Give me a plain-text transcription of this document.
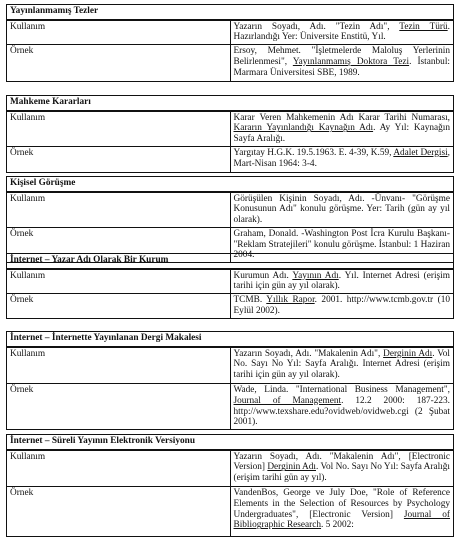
Yayınlanmamış Tezler	
Kullanım	Yazarın Soyadı, Adı. "Tezin Adı", Tezin Türü. Hazırlandığı Yer: Üniversite Enstitü, Yıl.
Örnek	Ersoy, Mehmet. "İşletmelerde Maloluş Yerlerinin Belirlenmesi", Yayınlanmamış Doktora Tezi. İstanbul: Marmara Üniversitesi SBE, 1989.
Mahkeme Kararları	
Kullanım	Karar Veren Mahkemenin Adı Karar Tarihi Numarası, Kararın Yayınlandığı Kaynağın Adı. Ay Yıl: Kaynağın Sayfa Aralığı.
Örnek	Yargıtay H.G.K. 19.5.1963. E. 4-39, K.59, Adalet Dergisi, Mart-Nisan 1964: 3-4.
Kişisel Görüşme	
Kullanım	Görüşülen Kişinin Soyadı, Adı. -Ünvanı- "Görüşme Konusunun Adı" konulu görüşme. Yer: Tarih (gün ay yıl olarak).
Örnek	Graham, Donald. -Washington Post İcra Kurulu Başkanı- "Reklam Stratejileri" konulu görüşme. İstanbul: 1 Haziran 2004.
İnternet – Yazar Adı Olarak Bir Kurum	
Kullanım	Kurumun Adı. Yayının Adı. Yıl. Internet Adresi (erişim tarihi için gün ay yıl olarak).
Örnek	TCMB. Yıllık Rapor. 2001. http://www.tcmb.gov.tr (10 Eylül 2002).
İnternet – İnternette Yayınlanan Dergi Makalesi	
Kullanım	Yazarın Soyadı, Adı. "Makalenin Adı", Derginin Adı. Vol No. Sayı No Yıl: Sayfa Aralığı. Internet Adresi (erişim tarihi için gün ay yıl olarak).
Örnek	Wade, Linda. "International Business Management", Journal of Management. 12.2 2000: 187-223. http://www.texshare.edu?ovidweb/ovidweb.cgi (2 Şubat 2001).
İnternet – Süreli Yayının Elektronik Versiyonu	
Kullanım	Yazarın Soyadı, Adı. "Makalenin Adı", [Electronic Version] Derginin Adı. Vol No. Sayı No Yıl: Sayfa Aralığı (erişim tarihi gün ay yıl).
Örnek	VandenBos, George ve July Doe, "Role of Reference Elements in the Selection of Resources by Psychology Undergraduates", [Electronic Version] Journal of Bibliographic Research. 5 2002:
